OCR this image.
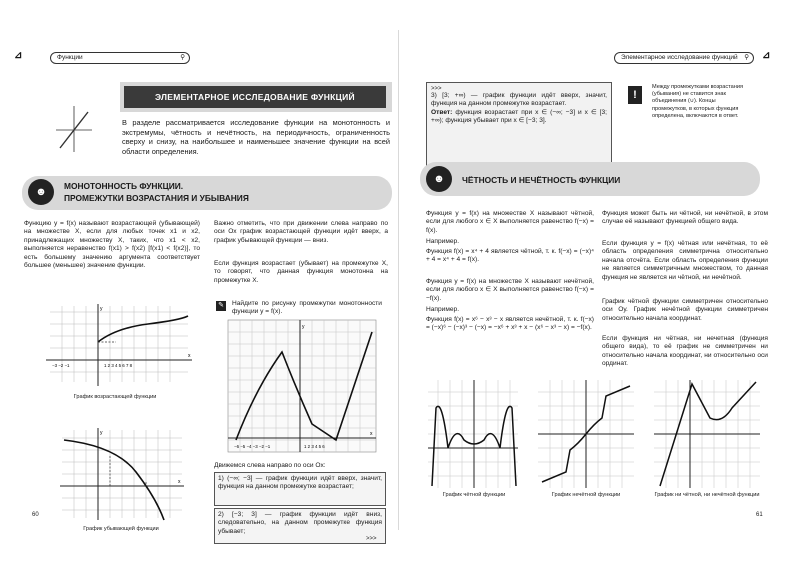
⊿	Функции	⚲
ЭЛЕМЕНТАРНОЕ ИССЛЕДОВАНИЕ ФУНКЦИЙ
В разделе рассматривается исследование функции на монотонность и экстремумы, чётность и нечётность, на периодичность, ограниченность сверху и снизу, на наибольшее и наименьшее значение функции на всей области определения.
☻	МОНОТОННОСТЬ ФУНКЦИИ.
ПРОМЕЖУТКИ ВОЗРАСТАНИЯ И УБЫВАНИЯ
Функцию y = f(x) называют возрастающей (убывающей) на множестве X, если для любых точек x1 и x2, принадлежащих множеству X, таких, что x1 < x2, выполняется неравенство f(x1) > f(x2) [f(x1) < f(x2)], то есть большему значению аргумента соответствует большее (меньшее) значение функции.
y
x
−3 −2 −1	1 2 3 4 5 6 7 8
График возрастающей функции
y
x
График убывающей функции
Важно отметить, что при движении слева направо по оси Ох график возрастающей функции идёт вверх, а график убывающей функции — вниз.
Если функция возрастает (убывает) на промежутке X, то говорят, что данная функция монотонна на промежутке X.
✎	Найдите по рисунку промежутки монотонности функции y = f(x).
y
x
−6 −5 −4 −3 −2 −1	1 2 3 4 5 6
Движемся слева направо по оси Ох:
1) (−∞; −3] — график функции идёт вверх, значит, функция на данном промежутке возрастает;
2) [−3; 3] — график функции идёт вниз, следовательно, на данном промежутке функция убывает;
>>>
60
Элементарное исследование функций ⚲ ⊿
>>>
3) [3; +∞) — график функции идёт вверх, значит, функция на данном промежутке возрастает.
Ответ: функция возрастает при x ∈ (−∞; −3] и x ∈ [3; +∞); функция убывает при x ∈ [−3; 3].
!
Между промежутками возрастания (убывания) не ставится знак объединения (∪). Концы промежутков, в которых функция определена, включаются в ответ.
☻	ЧЁТНОСТЬ И НЕЧЁТНОСТЬ ФУНКЦИИ
Функция y = f(x) на множестве X называют чётной, если для любого x ∈ X выполняется равенство f(−x) = f(x).
Например.
Функция f(x) = x⁴ + 4 является чётной, т. к. f(−x) = (−x)⁴ + 4 = x⁴ + 4 = f(x).
Функция y = f(x) на множестве X называют нечётной, если для любого x ∈ X выполняется равенство f(−x) = −f(x).
Например.
Функция f(x) = x⁶ − x³ − x является нечётной, т. к. f(−x) = (−x)⁶ − (−x)³ − (−x) = −x⁶ + x³ + x − (x⁶ − x³ − x) = −f(x).
Функция может быть ни чётной, ни нечётной, в этом случае её называют функцией общего вида.
Если функция y = f(x) чётная или нечётная, то её область определения симметрична относительно начала отсчёта. Если область определения функции не является симметричным множеством, то данная функция не является ни чётной, ни нечётной.
График чётной функции симметричен относительно оси Оу. График нечётной функции симметричен относительно начала координат.
Если функция ни чётная, ни нечетная (функция общего вида), то её график не симметричен ни относительно начала координат, ни относительно оси ординат.
График чётной функции	График нечётной функции	График ни чётной, ни нечётной функции
61
